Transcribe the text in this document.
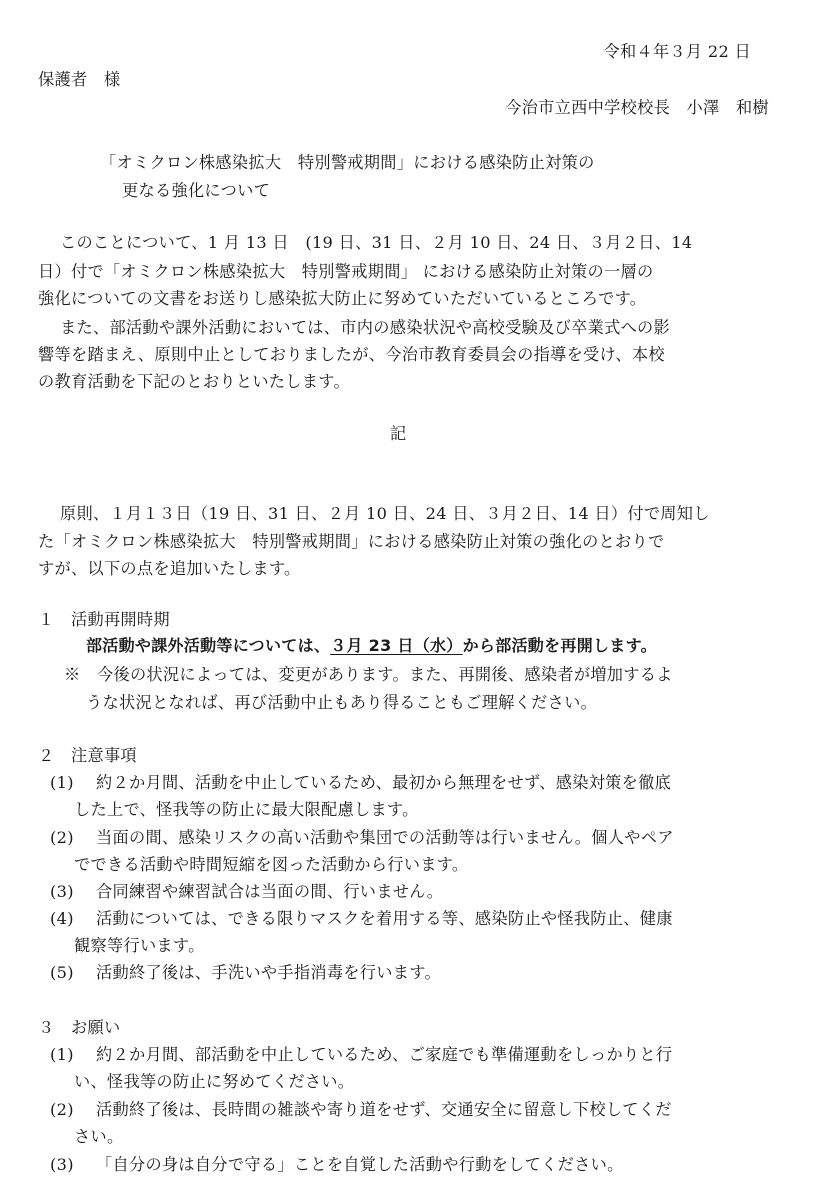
令和４年３月 22 日
保護者　様
今治市立西中学校校長　小澤　和樹
「オミクロン株感染拡大　特別警戒期間」における感染防止対策の
更なる強化について
このことについて、1 月 13 日　(19 日、31 日、２月 10 日、24 日、３月２日、14
日）付で「オミクロン株感染拡大　特別警戒期間」 における感染防止対策の一層の
強化についての文書をお送りし感染拡大防止に努めていただいているところです。
また、部活動や課外活動においては、市内の感染状況や高校受験及び卒業式への影
響等を踏まえ、原則中止としておりましたが、今治市教育委員会の指導を受け、本校
の教育活動を下記のとおりといたします。
記
原則、１月１３日（19 日、31 日、２月 10 日、24 日、３月２日、14 日）付で周知し
た「オミクロン株感染拡大　特別警戒期間」における感染防止対策の強化のとおりで
すが、以下の点を追加いたします。
１　活動再開時期
部活動や課外活動等については、３月 23 日（水）から部活動を再開します。
※　今後の状況によっては、変更があります。また、再開後、感染者が増加するよ
うな状況となれば、再び活動中止もあり得ることもご理解ください。
２　注意事項
(1) 約２か月間、活動を中止しているため、最初から無理をせず、感染対策を徹底
した上で、怪我等の防止に最大限配慮します。
(2) 当面の間、感染リスクの高い活動や集団での活動等は行いません。個人やペア
でできる活動や時間短縮を図った活動から行います。
(3) 合同練習や練習試合は当面の間、行いません。
(4) 活動については、できる限りマスクを着用する等、感染防止や怪我防止、健康
観察等行います。
(5) 活動終了後は、手洗いや手指消毒を行います。
３　お願い
(1) 約２か月間、部活動を中止しているため、ご家庭でも準備運動をしっかりと行
い、怪我等の防止に努めてください。
(2) 活動終了後は、長時間の雑談や寄り道をせず、交通安全に留意し下校してくだ
さい。
(3) 「自分の身は自分で守る」ことを自覚した活動や行動をしてください。
